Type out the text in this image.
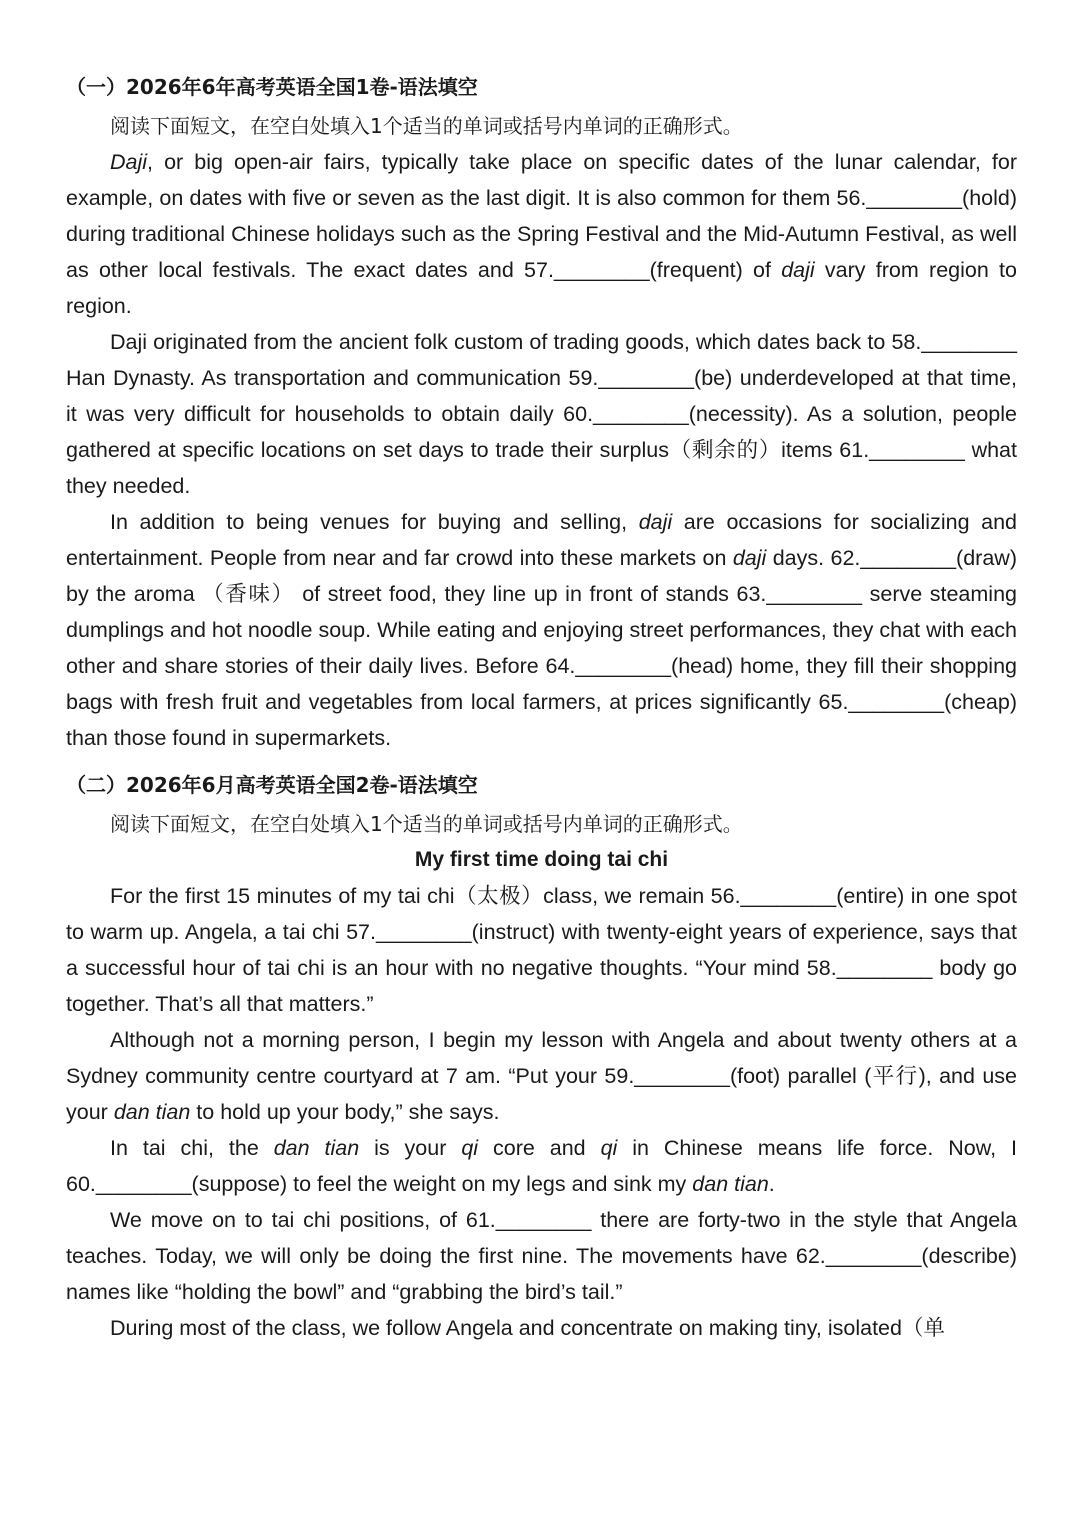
（一）2026年6年高考英语全国1卷-语法填空
阅读下面短文，在空白处填入1个适当的单词或括号内单词的正确形式。

Daji, or big open-air fairs, typically take place on specific dates of the lunar calendar, for example, on dates with five or seven as the last digit. It is also common for them 56.________(hold) during traditional Chinese holidays such as the Spring Festival and the Mid-Autumn Festival, as well as other local festivals. The exact dates and 57.________(frequent) of daji vary from region to region.

Daji originated from the ancient folk custom of trading goods, which dates back to 58.________ Han Dynasty. As transportation and communication 59.________(be) underdeveloped at that time, it was very difficult for households to obtain daily 60.________(necessity). As a solution, people gathered at specific locations on set days to trade their surplus（剩余的）items 61.________ what they needed.

In addition to being venues for buying and selling, daji are occasions for socializing and entertainment. People from near and far crowd into these markets on daji days. 62.________(draw) by the aroma （香味） of street food, they line up in front of stands 63.________ serve steaming dumplings and hot noodle soup. While eating and enjoying street performances, they chat with each other and share stories of their daily lives. Before 64.________(head) home, they fill their shopping bags with fresh fruit and vegetables from local farmers, at prices significantly 65.________(cheap) than those found in supermarkets.

（二）2026年6月高考英语全国2卷-语法填空
阅读下面短文，在空白处填入1个适当的单词或括号内单词的正确形式。
My first time doing tai chi

For the first 15 minutes of my tai chi（太极）class, we remain 56.________(entire) in one spot to warm up. Angela, a tai chi 57.________(instruct) with twenty-eight years of experience, says that a successful hour of tai chi is an hour with no negative thoughts. “Your mind 58.________ body go together. That’s all that matters.”

Although not a morning person, I begin my lesson with Angela and about twenty others at a Sydney community centre courtyard at 7 am. “Put your 59.________(foot) parallel (平行), and use your dan tian to hold up your body,” she says.

In tai chi, the dan tian is your qi core and qi in Chinese means life force. Now, I 60.________(suppose) to feel the weight on my legs and sink my dan tian.

We move on to tai chi positions, of 61.________ there are forty-two in the style that Angela teaches. Today, we will only be doing the first nine. The movements have 62.________(describe) names like “holding the bowl” and “grabbing the bird’s tail.”

During most of the class, we follow Angela and concentrate on making tiny, isolated（单
